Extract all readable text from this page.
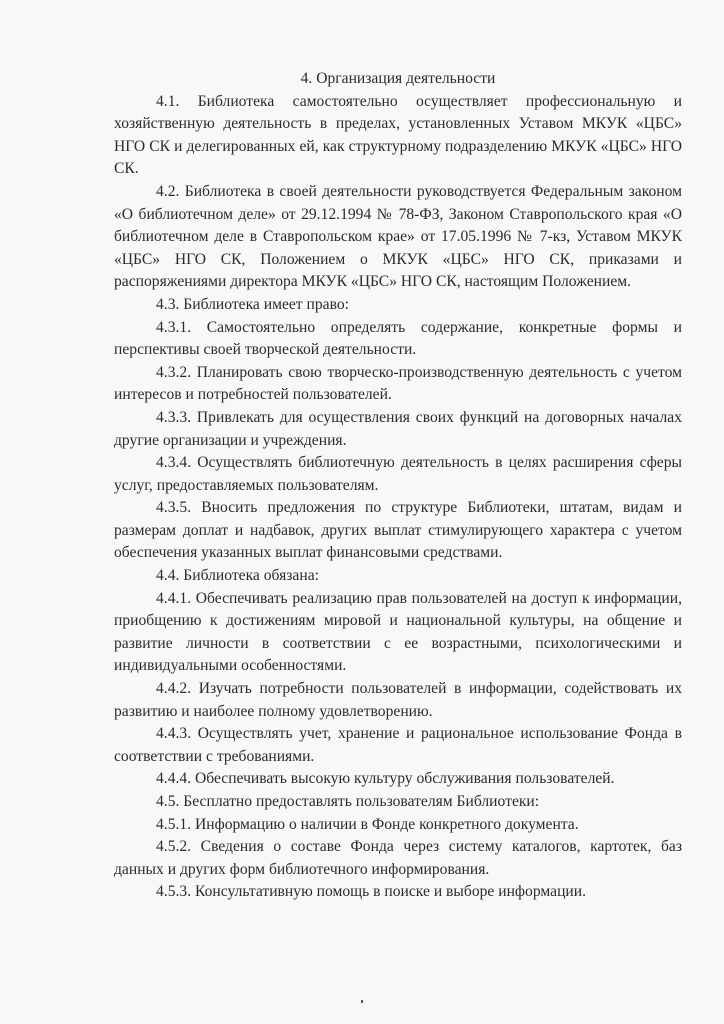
4. Организация деятельности

4.1. Библиотека самостоятельно осуществляет профессиональную и хозяйственную деятельность в пределах, установленных Уставом МКУК «ЦБС» НГО СК и делегированных ей, как структурному подразделению МКУК «ЦБС» НГО СК.

4.2. Библиотека в своей деятельности руководствуется Федеральным законом «О библиотечном деле» от 29.12.1994 № 78-ФЗ, Законом Ставропольского края «О библиотечном деле в Ставропольском крае» от 17.05.1996 № 7-кз, Уставом МКУК «ЦБС» НГО СК, Положением о МКУК «ЦБС» НГО СК, приказами и распоряжениями директора МКУК «ЦБС» НГО СК, настоящим Положением.

4.3. Библиотека имеет право:

4.3.1. Самостоятельно определять содержание, конкретные формы и перспективы своей творческой деятельности.

4.3.2. Планировать свою творческо-производственную деятельность с учетом интересов и потребностей пользователей.

4.3.3. Привлекать для осуществления своих функций на договорных началах другие организации и учреждения.

4.3.4. Осуществлять библиотечную деятельность в целях расширения сферы услуг, предоставляемых пользователям.

4.3.5. Вносить предложения по структуре Библиотеки, штатам, видам и размерам доплат и надбавок, других выплат стимулирующего характера с учетом обеспечения указанных выплат финансовыми средствами.

4.4. Библиотека обязана:

4.4.1. Обеспечивать реализацию прав пользователей на доступ к информации, приобщению к достижениям мировой и национальной культуры, на общение и развитие личности в соответствии с ее возрастными, психологическими и индивидуальными особенностями.

4.4.2. Изучать потребности пользователей в информации, содействовать их развитию и наиболее полному удовлетворению.

4.4.3. Осуществлять учет, хранение и рациональное использование Фонда в соответствии с требованиями.

4.4.4. Обеспечивать высокую культуру обслуживания пользователей.

4.5. Бесплатно предоставлять пользователям Библиотеки:

4.5.1. Информацию о наличии в Фонде конкретного документа.

4.5.2. Сведения о составе Фонда через систему каталогов, картотек, баз данных и других форм библиотечного информирования.

4.5.3. Консультативную помощь в поиске и выборе информации.
